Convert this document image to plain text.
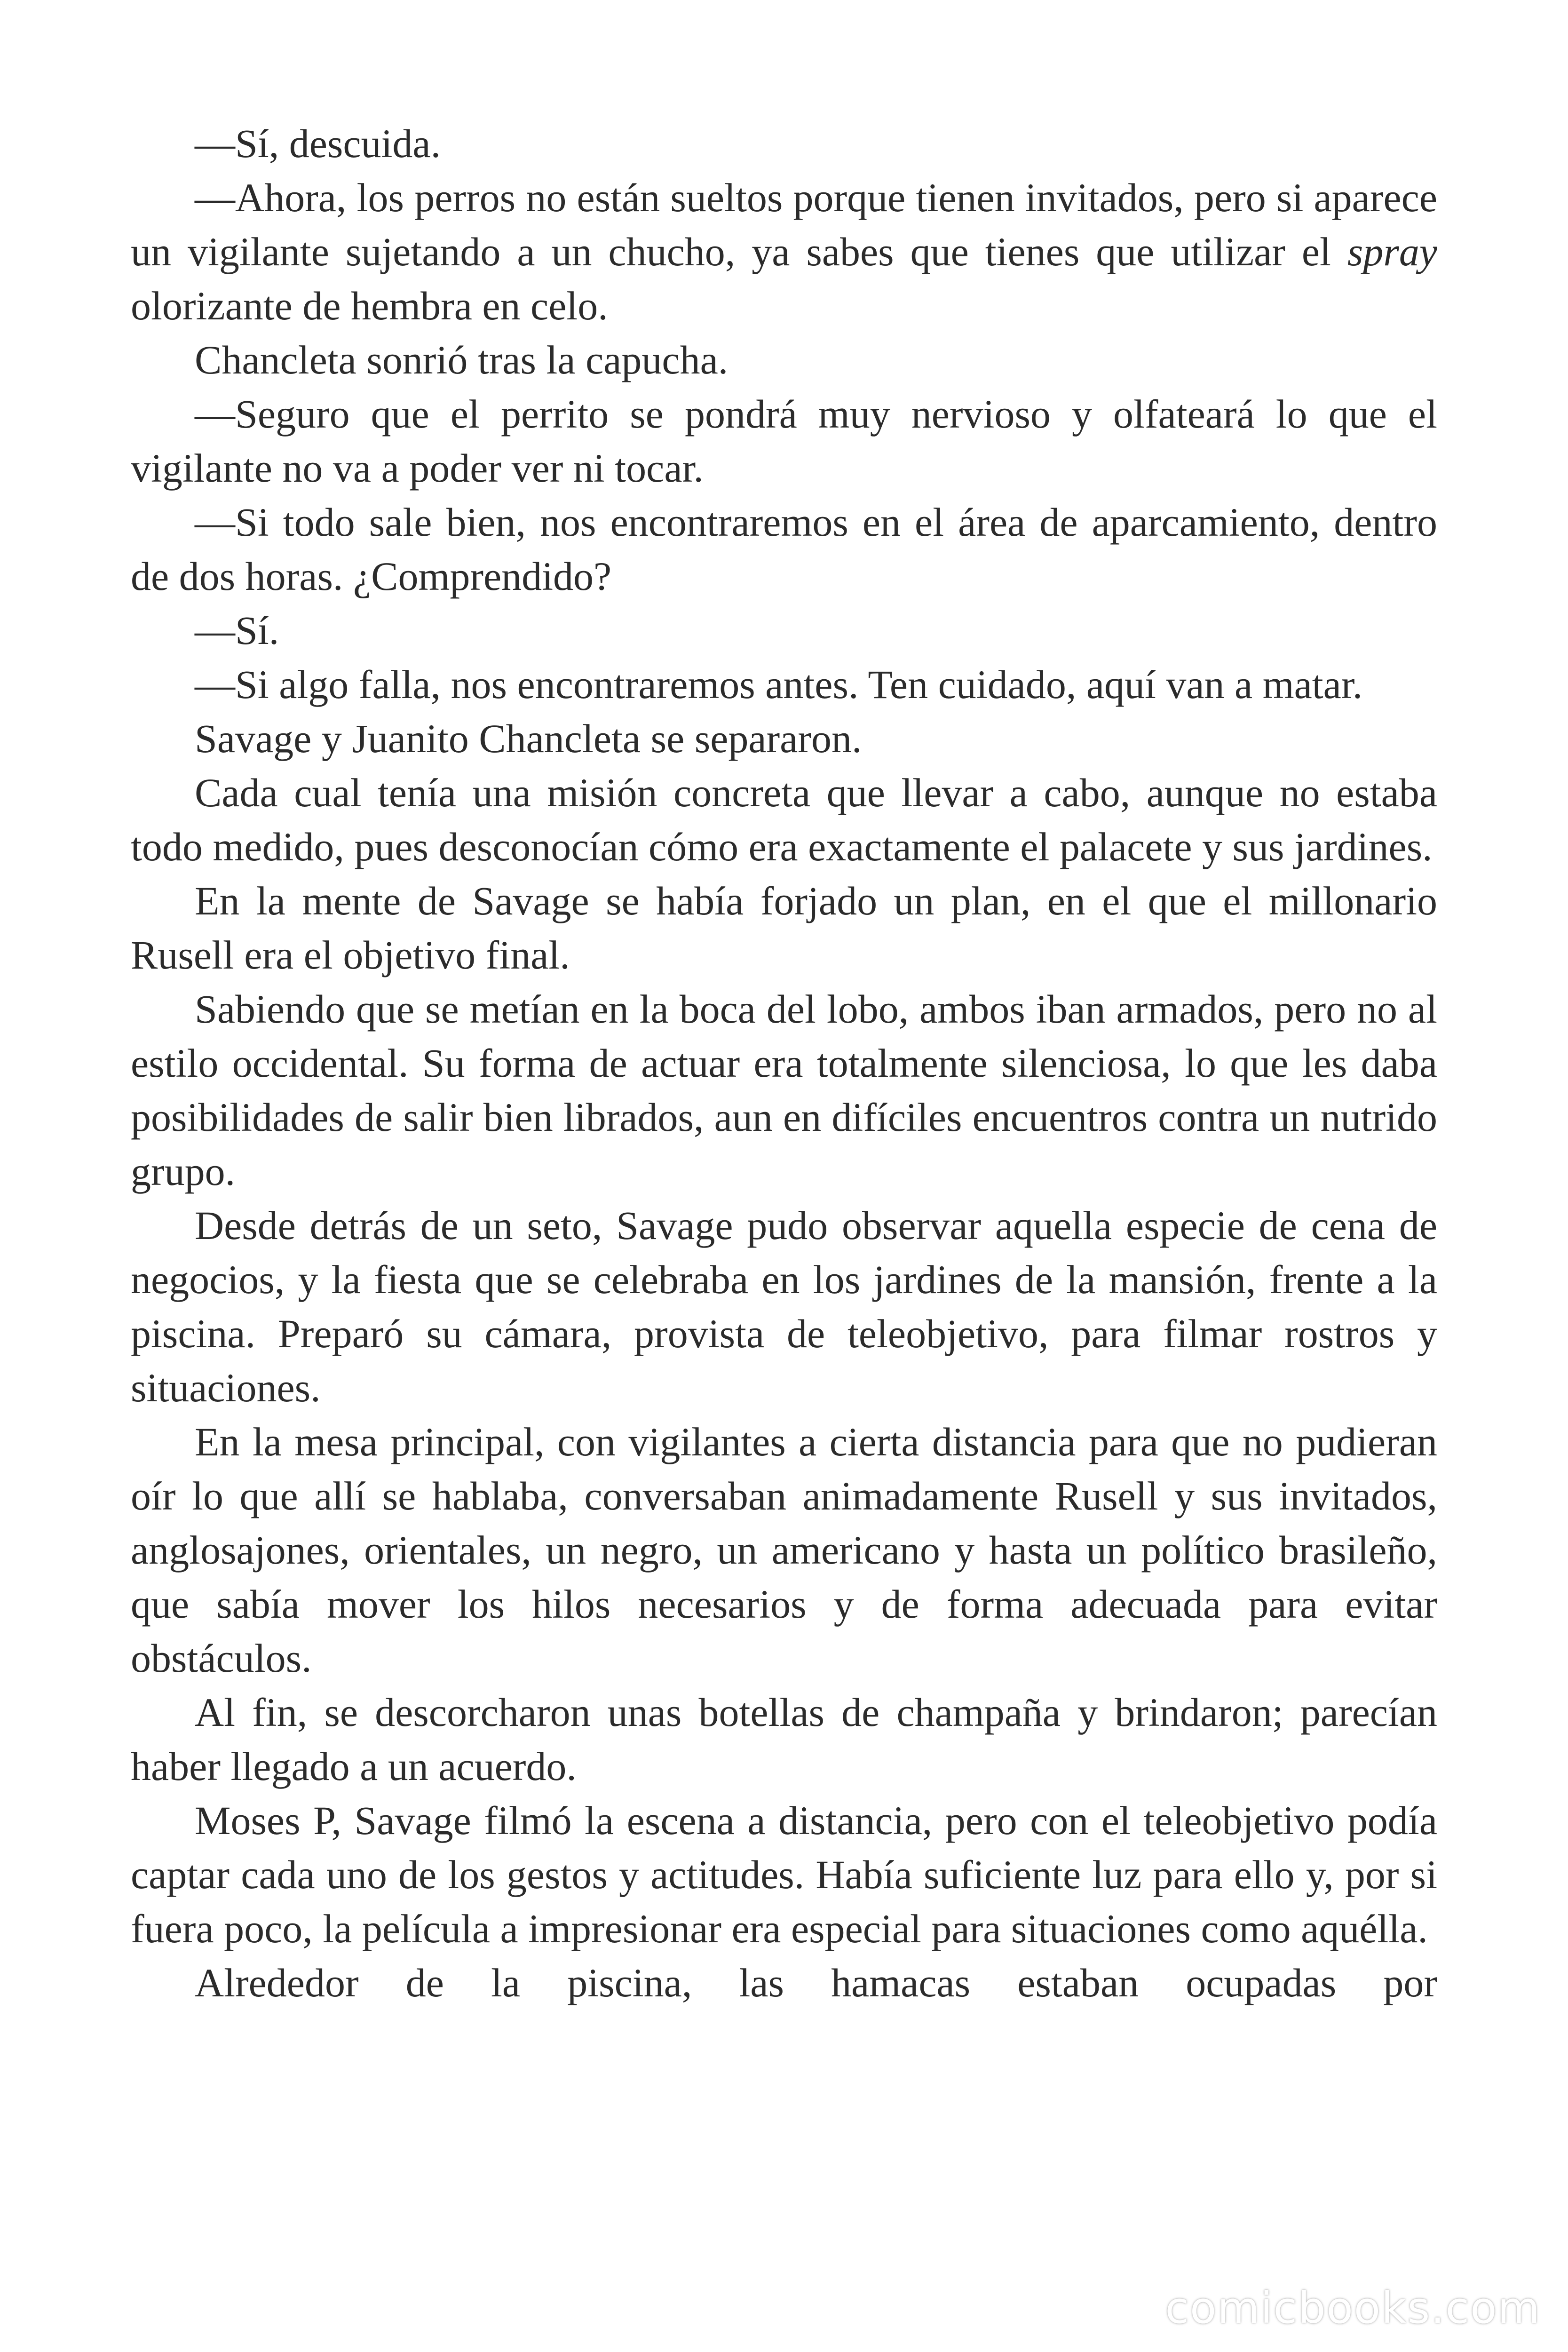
—Sí, descuida.

—Ahora, los perros no están sueltos porque tienen invitados, pero si aparece un vigilante sujetando a un chucho, ya sabes que tienes que utilizar el spray olorizante de hembra en celo.

Chancleta sonrió tras la capucha.

—Seguro que el perrito se pondrá muy nervioso y olfateará lo que el vigilante no va a poder ver ni tocar.

—Si todo sale bien, nos encontraremos en el área de aparcamiento, dentro de dos horas. ¿Comprendido?

—Sí.

—Si algo falla, nos encontraremos antes. Ten cuidado, aquí van a matar.

Savage y Juanito Chancleta se separaron.

Cada cual tenía una misión concreta que llevar a cabo, aunque no estaba todo medido, pues desconocían cómo era exactamente el palacete y sus jardines.

En la mente de Savage se había forjado un plan, en el que el millonario Rusell era el objetivo final.

Sabiendo que se metían en la boca del lobo, ambos iban armados, pero no al estilo occidental. Su forma de actuar era totalmente silenciosa, lo que les daba posibilidades de salir bien librados, aun en difíciles encuentros contra un nutrido grupo.

Desde detrás de un seto, Savage pudo observar aquella especie de cena de negocios, y la fiesta que se celebraba en los jardines de la mansión, frente a la piscina. Preparó su cámara, provista de teleobjetivo, para filmar rostros y situaciones.

En la mesa principal, con vigilantes a cierta distancia para que no pudieran oír lo que allí se hablaba, conversaban animadamente Rusell y sus invitados, anglosajones, orientales, un negro, un americano y hasta un político brasileño, que sabía mover los hilos necesarios y de forma adecuada para evitar obstáculos.

Al fin, se descorcharon unas botellas de champaña y brindaron; parecían haber llegado a un acuerdo.

Moses P, Savage filmó la escena a distancia, pero con el teleobjetivo podía captar cada uno de los gestos y actitudes. Había suficiente luz para ello y, por si fuera poco, la película a impresionar era especial para situaciones como aquélla.

Alrededor de la piscina, las hamacas estaban ocupadas por

comicbooks.com
